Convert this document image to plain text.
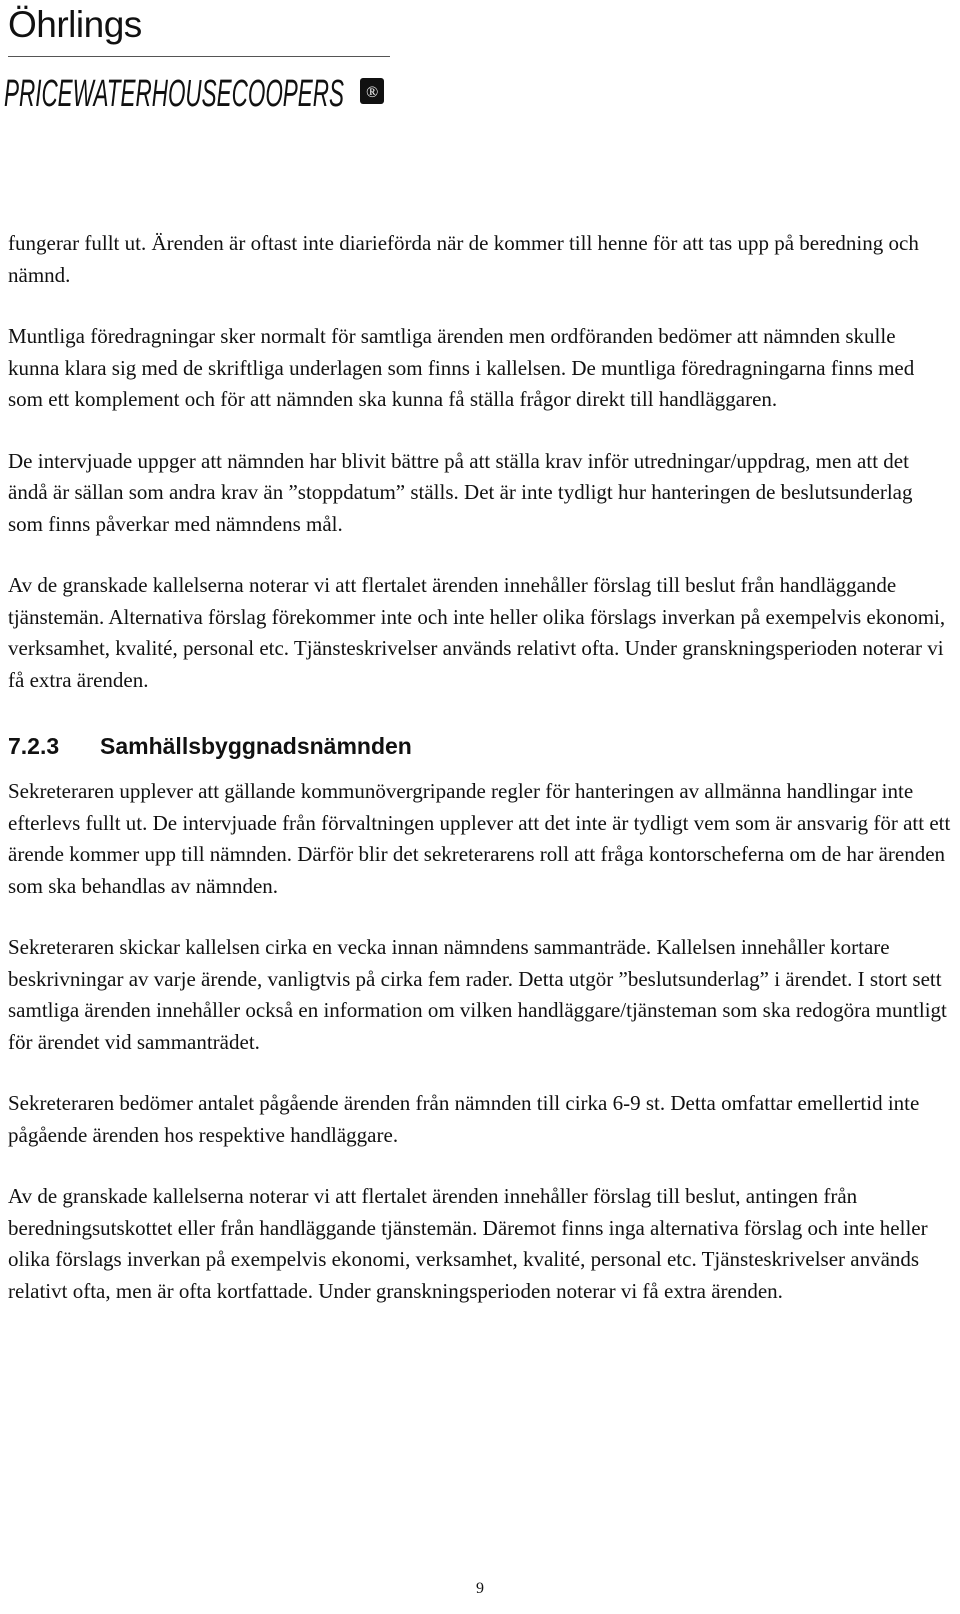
Öhrlings
PRICEWATERHOUSECOOPERS ®

fungerar fullt ut. Ärenden är oftast inte diarieförda när de kommer till henne för att tas upp på beredning och nämnd.

Muntliga föredragningar sker normalt för samtliga ärenden men ordföranden bedömer att nämnden skulle kunna klara sig med de skriftliga underlagen som finns i kallelsen. De muntliga föredragningarna finns med som ett komplement och för att nämnden ska kunna få ställa frågor direkt till handläggaren.

De intervjuade uppger att nämnden har blivit bättre på att ställa krav inför utredningar/uppdrag, men att det ändå är sällan som andra krav än ”stoppdatum” ställs. Det är inte tydligt hur hanteringen de beslutsunderlag som finns påverkar med nämndens mål.

Av de granskade kallelserna noterar vi att flertalet ärenden innehåller förslag till beslut från handläggande tjänstemän. Alternativa förslag förekommer inte och inte heller olika förslags inverkan på exempelvis ekonomi, verksamhet, kvalité, personal etc. Tjänsteskrivelser används relativt ofta. Under granskningsperioden noterar vi få extra ärenden.

7.2.3 Samhällsbyggnadsnämnden

Sekreteraren upplever att gällande kommunövergripande regler för hanteringen av allmänna handlingar inte efterlevs fullt ut. De intervjuade från förvaltningen upplever att det inte är tydligt vem som är ansvarig för att ett ärende kommer upp till nämnden. Därför blir det sekreterarens roll att fråga kontorscheferna om de har ärenden som ska behandlas av nämnden.

Sekreteraren skickar kallelsen cirka en vecka innan nämndens sammanträde. Kallelsen innehåller kortare beskrivningar av varje ärende, vanligtvis på cirka fem rader. Detta utgör ”beslutsunderlag” i ärendet. I stort sett samtliga ärenden innehåller också en information om vilken handläggare/tjänsteman som ska redogöra muntligt för ärendet vid sammanträdet.

Sekreteraren bedömer antalet pågående ärenden från nämnden till cirka 6-9 st. Detta omfattar emellertid inte pågående ärenden hos respektive handläggare.

Av de granskade kallelserna noterar vi att flertalet ärenden innehåller förslag till beslut, antingen från beredningsutskottet eller från handläggande tjänstemän. Däremot finns inga alternativa förslag och inte heller olika förslags inverkan på exempelvis ekonomi, verksamhet, kvalité, personal etc. Tjänsteskrivelser används relativt ofta, men är ofta kortfattade. Under granskningsperioden noterar vi få extra ärenden.

9
